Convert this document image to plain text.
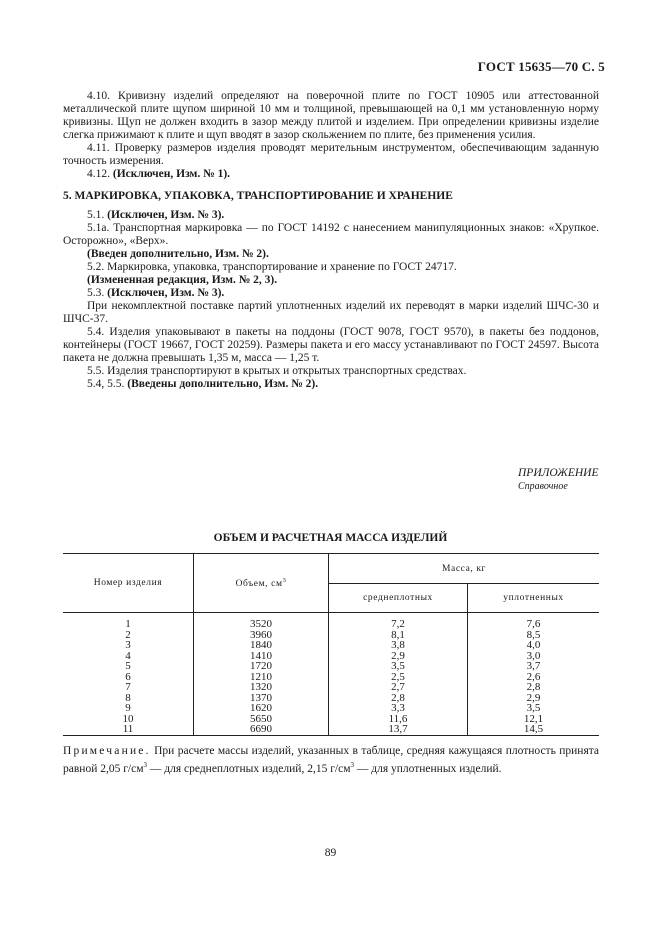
ГОСТ 15635—70 С. 5

4.10. Кривизну изделий определяют на поверочной плите по ГОСТ 10905 или аттестованной металлической плите щупом шириной 10 мм и толщиной, превышающей на 0,1 мм установленную норму кривизны. Щуп не должен входить в зазор между плитой и изделием. При определении кривизны изделие слегка прижимают к плите и щуп вводят в зазор скольжением по плите, без применения усилия.

4.11. Проверку размеров изделия проводят мерительным инструментом, обеспечивающим заданную точность измерения.

4.12. (Исключен, Изм. № 1).

5. МАРКИРОВКА, УПАКОВКА, ТРАНСПОРТИРОВАНИЕ И ХРАНЕНИЕ

5.1. (Исключен, Изм. № 3).

5.1а. Транспортная маркировка — по ГОСТ 14192 с нанесением манипуляционных знаков: «Хрупкое. Осторожно», «Верх».

(Введен дополнительно, Изм. № 2).

5.2. Маркировка, упаковка, транспортирование и хранение по ГОСТ 24717.

(Измененная редакция, Изм. № 2, 3).

5.3. (Исключен, Изм. № 3).

При некомплектной поставке партий уплотненных изделий их переводят в марки изделий ШЧС-30 и ШЧС-37.

5.4. Изделия упаковывают в пакеты на поддоны (ГОСТ 9078, ГОСТ 9570), в пакеты без поддонов, контейнеры (ГОСТ 19667, ГОСТ 20259). Размеры пакета и его массу устанавливают по ГОСТ 24597. Высота пакета не должна превышать 1,35 м, масса — 1,25 т.

5.5. Изделия транспортируют в крытых и открытых транспортных средствах.

5.4, 5.5. (Введены дополнительно, Изм. № 2).

ПРИЛОЖЕНИЕ
Справочное
ОБЪЕМ И РАСЧЕТНАЯ МАССА ИЗДЕЛИЙ
Номер изделия	Объем, $см^3$	Масса, кг	
		среднеплотных	уплотненных
1	3520	7,2	7,6
2	3960	8,1	8,5
3	1840	3,8	4,0
4	1410	2,9	3,0
5	1720	3,5	3,7
6	1210	2,5	2,6
7	1320	2,7	2,8
8	1370	2,8	2,9
9	1620	3,3	3,5
10	5650	11,6	12,1
11	6690	13,7	14,5
Примечание. При расчете массы изделий, указанных в таблице, средняя кажущаяся плотность принята равной 2,05 $г/см^3$ — для среднеплотных изделий, 2,15 $г/см^3$ — для уплотненных изделий.
89
